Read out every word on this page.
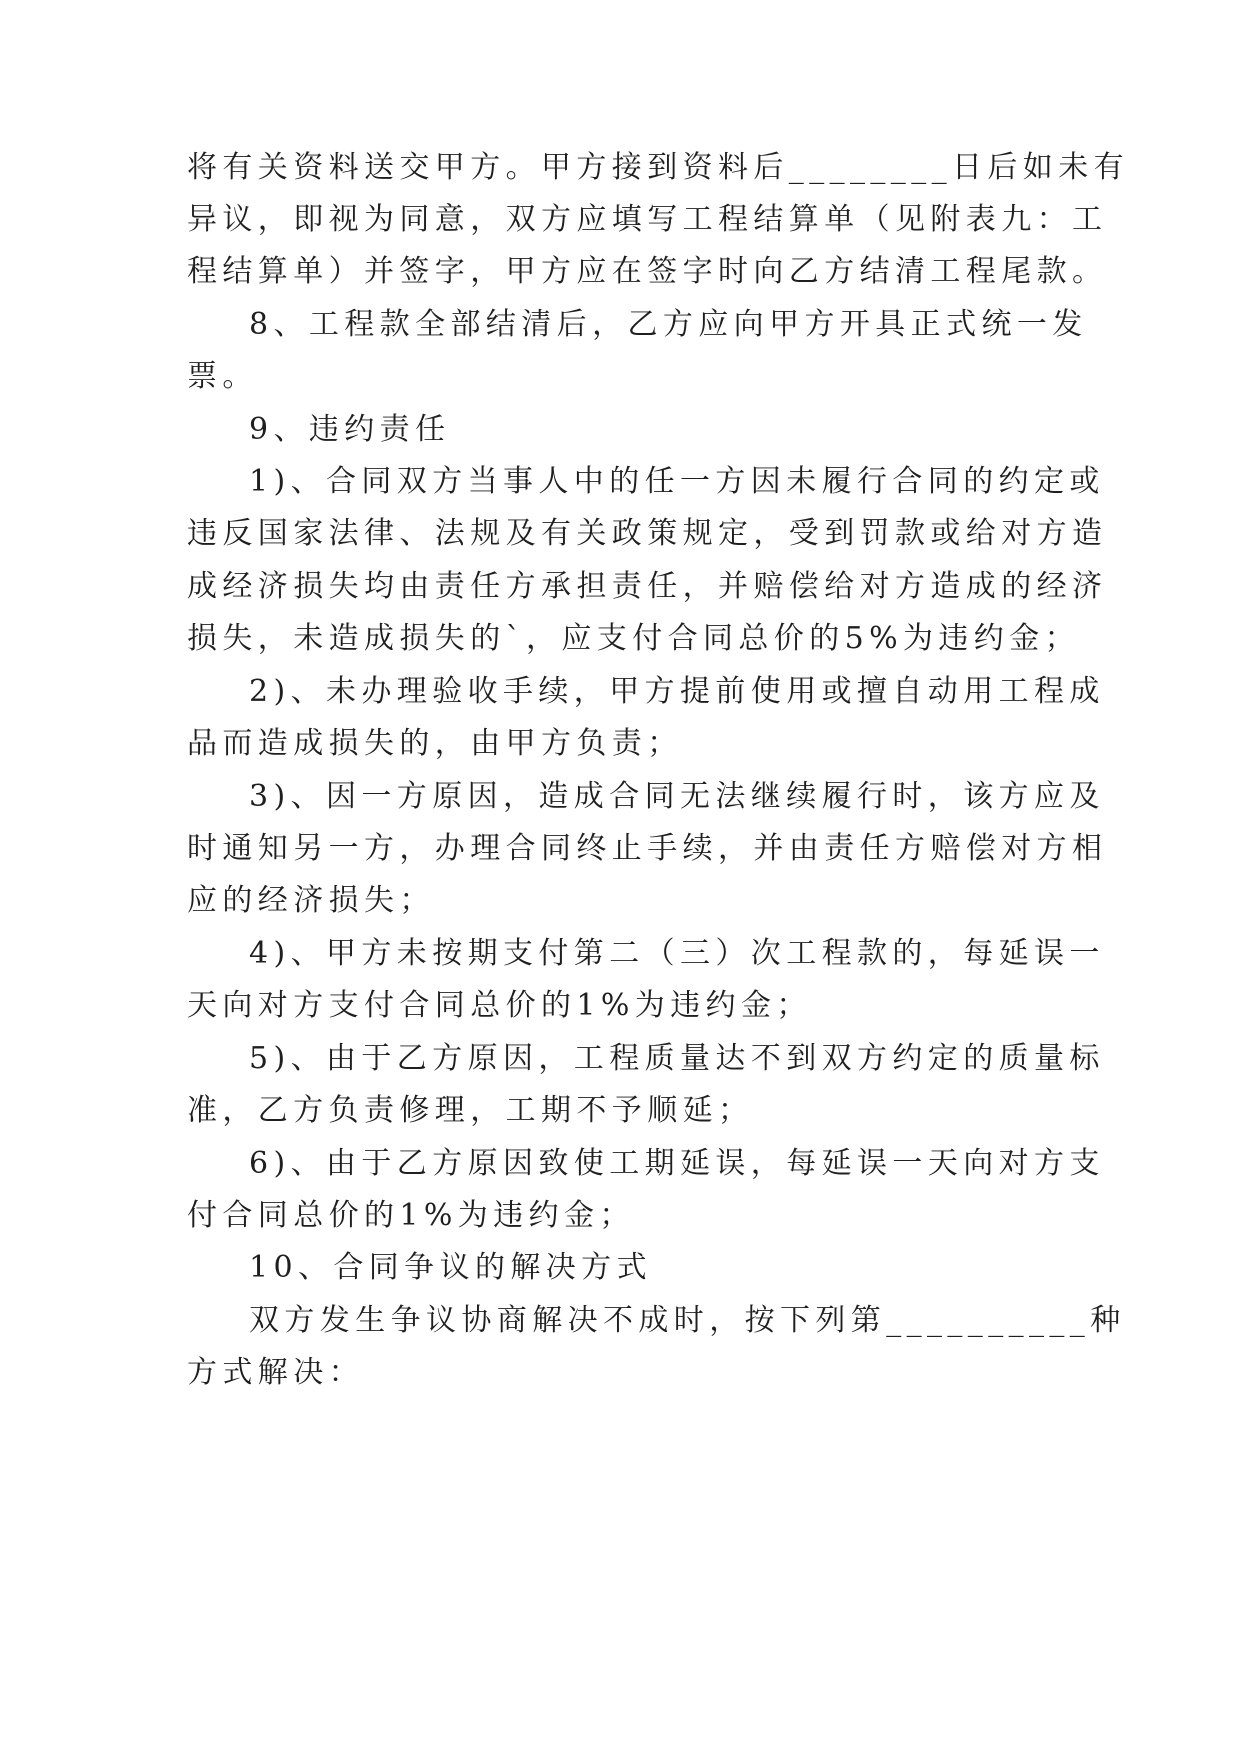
将有关资料送交甲方。甲方接到资料后________日后如未有
异议，即视为同意，双方应填写工程结算单（见附表九：工
程结算单）并签字，甲方应在签字时向乙方结清工程尾款。
8、工程款全部结清后，乙方应向甲方开具正式统一发
票。
9、违约责任
1)、合同双方当事人中的任一方因未履行合同的约定或
违反国家法律、法规及有关政策规定，受到罚款或给对方造
成经济损失均由责任方承担责任，并赔偿给对方造成的经济
损失，未造成损失的`，应支付合同总价的5%为违约金；
2)、未办理验收手续，甲方提前使用或擅自动用工程成
品而造成损失的，由甲方负责；
3)、因一方原因，造成合同无法继续履行时，该方应及
时通知另一方，办理合同终止手续，并由责任方赔偿对方相
应的经济损失；
4)、甲方未按期支付第二（三）次工程款的，每延误一
天向对方支付合同总价的1%为违约金；
5)、由于乙方原因，工程质量达不到双方约定的质量标
准，乙方负责修理，工期不予顺延；
6)、由于乙方原因致使工期延误，每延误一天向对方支
付合同总价的1%为违约金；
10、合同争议的解决方式
双方发生争议协商解决不成时，按下列第__________种
方式解决：
